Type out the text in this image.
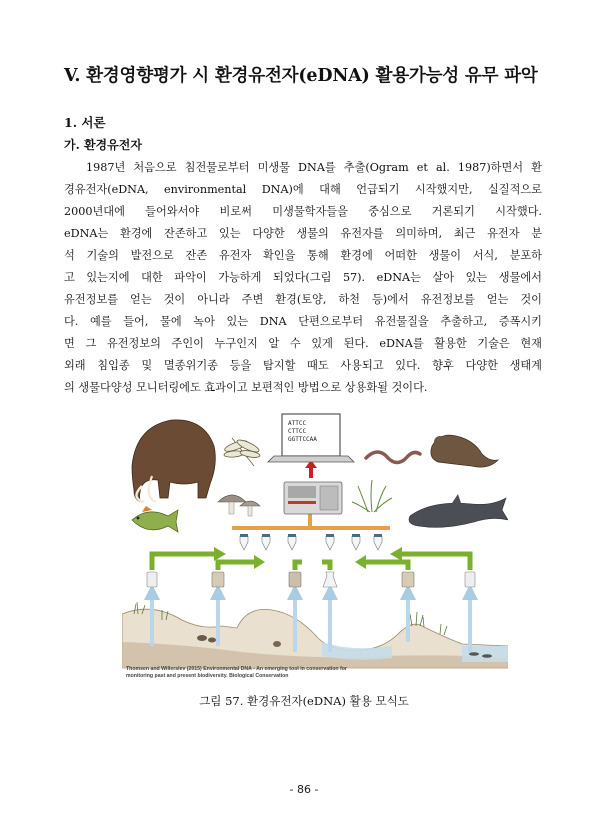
V. 환경영향평가 시 환경유전자(eDNA) 활용가능성 유무 파악
1. 서론
가. 환경유전자
1987년 처음으로 침전물로부터 미생물 DNA를 추출(Ogram et al. 1987)하면서 환
경유전자(eDNA, environmental DNA)에 대해 언급되기 시작했지만, 실질적으로
2000년대에 들어와서야 비로써 미생물학자들을 중심으로 거론되기 시작했다.
eDNA는 환경에 잔존하고 있는 다양한 생물의 유전자를 의미하며, 최근 유전자 분
석 기술의 발전으로 잔존 유전자 확인을 통해 환경에 어떠한 생물이 서식, 분포하
고 있는지에 대한 파악이 가능하게 되었다(그림 57). eDNA는 살아 있는 생물에서
유전정보를 얻는 것이 아니라 주변 환경(토양, 하천 등)에서 유전정보를 얻는 것이
다. 예를 들어, 물에 녹아 있는 DNA 단편으로부터 유전물질을 추출하고, 증폭시키
면 그 유전정보의 주인이 누구인지 알 수 있게 된다. eDNA를 활용한 기술은 현재
외래 침입종 및 멸종위기종 등을 탐지할 때도 사용되고 있다. 향후 다양한 생태계
의 생물다양성 모니터링에도 효과이고 보편적인 방법으로 상용화될 것이다.
ATTCC
CTTCC
GGTTCCAA
Thomsen and Willerslev (2015) Environmental DNA - An emerging tool in conservation for monitoring past and present biodiversity. Biological Conservation

그림 57. 환경유전자(eDNA) 활용 모식도

- 86 -
